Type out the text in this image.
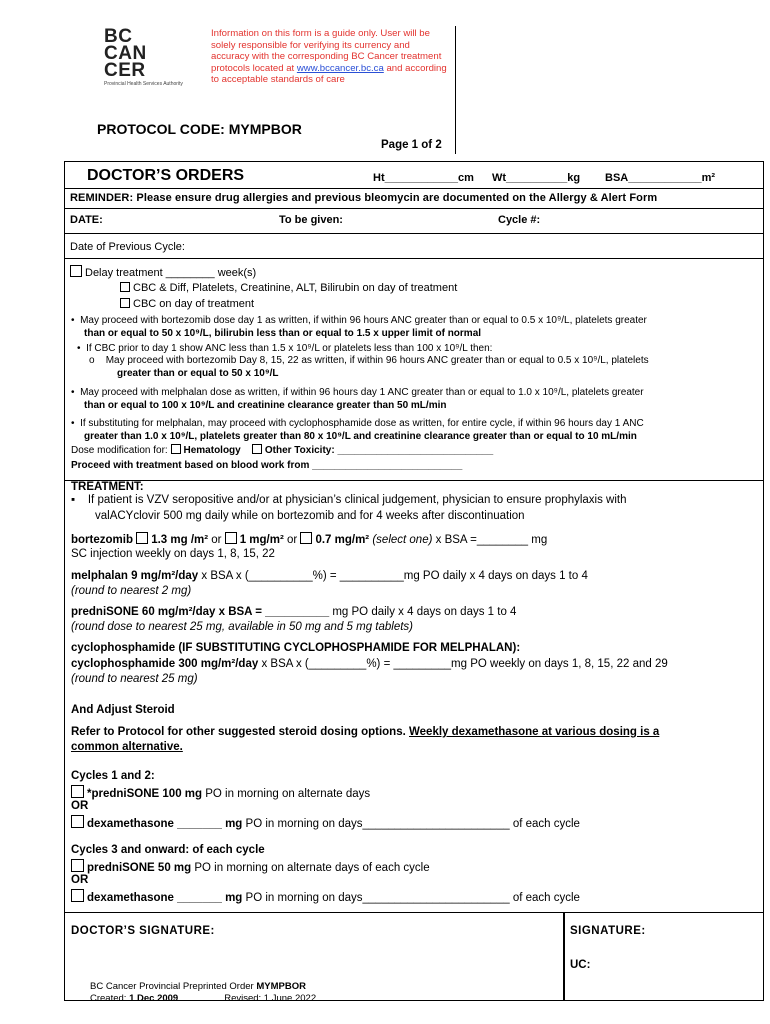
BC
CAN
CER
Provincial Health Services Authority
Information on this form is a guide only. User will be solely responsible for verifying its currency and accuracy with the corresponding BC Cancer treatment protocols located at www.bccancer.bc.ca and according to acceptable standards of care
PROTOCOL CODE: MYMPBOR
Page 1 of 2
DOCTOR’S ORDERS	Ht____________cm Wt__________kg BSA____________m²
REMINDER: Please ensure drug allergies and previous bleomycin are documented on the Allergy & Alert Form
DATE:	To be given:	Cycle #:
Date of Previous Cycle:
Delay treatment ________ week(s)
CBC & Diff, Platelets, Creatinine, ALT, Bilirubin on day of treatment
CBC on day of treatment
•  May proceed with bortezomib dose day 1 as written, if within 96 hours ANC greater than or equal to 0.5 x 10⁹/L, platelets greater
than or equal to 50 x 10⁹/L, bilirubin less than or equal to 1.5 x upper limit of normal
•  If CBC prior to day 1 show ANC less than 1.5 x 10⁹/L or platelets less than 100 x 10⁹/L then:
o    May proceed with bortezomib Day 8, 15, 22 as written, if within 96 hours ANC greater than or equal to 0.5 x 10⁹/L, platelets
greater than or equal to 50 x 10⁹/L
•  May proceed with melphalan dose as written, if within 96 hours day 1 ANC greater than or equal to 1.0 x 10⁹/L, platelets greater
than or equal to 100 x 10⁹/L and creatinine clearance greater than 50 mL/min
•  If substituting for melphalan, may proceed with cyclophosphamide dose as written, for entire cycle, if within 96 hours day 1 ANC
greater than 1.0 x 10⁹/L, platelets greater than 80 x 10⁹/L and creatinine clearance greater than or equal to 10 mL/min
Dose modification for: Hematology Other Toxicity: ____________________________
Proceed with treatment based on blood work from ___________________________
TREATMENT:
▪    If patient is VZV seropositive and/or at physician’s clinical judgement, physician to ensure prophylaxis with
valACYclovir 500 mg daily while on bortezomib and for 4 weeks after discontinuation
bortezomib 1.3 mg /m² or 1 mg/m² or 0.7 mg/m² (select one) x BSA =________ mg
SC injection weekly on days 1, 8, 15, 22
melphalan 9 mg/m²/day x BSA x (__________%) = __________mg PO daily x 4 days on days 1 to 4
(round to nearest 2 mg)
predniSONE 60 mg/m²/day x BSA = __________ mg PO daily x 4 days on days 1 to 4
(round dose to nearest 25 mg, available in 50 mg and 5 mg tablets)
cyclophosphamide (IF SUBSTITUTING CYCLOPHOSPHAMIDE FOR MELPHALAN):
cyclophosphamide 300 mg/m²/day x BSA x (_________%) = _________mg PO weekly on days 1, 8, 15, 22 and 29
(round to nearest 25 mg)
And Adjust Steroid
Refer to Protocol for other suggested steroid dosing options. Weekly dexamethasone at various dosing is a
common alternative.
Cycles 1 and 2:
*predniSONE 100 mg PO in morning on alternate days
OR
dexamethasone _______ mg PO in morning on days_______________________ of each cycle
Cycles 3 and onward: of each cycle
predniSONE 50 mg PO in morning on alternate days of each cycle
OR
dexamethasone _______ mg PO in morning on days_______________________ of each cycle
DOCTOR’S SIGNATURE:	SIGNATURE:
UC:
BC Cancer Provincial Preprinted Order MYMPBOR
Created: 1 Dec 2009	Revised: 1 June 2022
